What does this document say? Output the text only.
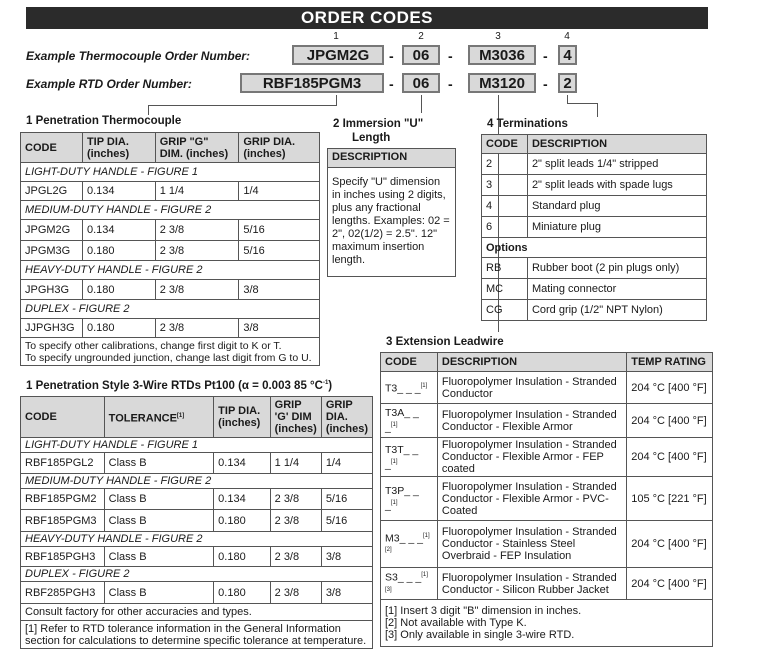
ORDER CODES
1	2	3	4
Example Thermocouple Order Number:	JPGM2G	-	06	-	M3036	-	4
Example RTD Order Number:	RBF185PGM3	-	06	-	M3120	-	2
1 Penetration Thermocouple
CODE	TIP DIA. (inches)	GRIP "G" DIM. (inches)	GRIP DIA. (inches)
LIGHT-DUTY HANDLE - FIGURE 1			
JPGL2G	0.134	1 1/4	1/4
MEDIUM-DUTY HANDLE - FIGURE 2			
JPGM2G	0.134	2 3/8	5/16
JPGM3G	0.180	2 3/8	5/16
HEAVY-DUTY HANDLE - FIGURE 2			
JPGH3G	0.180	2 3/8	3/8
DUPLEX - FIGURE 2			
JJPGH3G	0.180	2 3/8	3/8

To specify other calibrations, change first digit to K or T.
To specify ungrounded junction, change last digit from G to U.			
1 Penetration Style 3-Wire RTDs Pt100 (α = 0.003 85 $^\circ C^{-1}$)
CODE	TOLERANCE[1]	TIP DIA. (inches)	GRIP 'G' DIM (inches)	GRIP DIA. (inches)
LIGHT-DUTY HANDLE - FIGURE 1				
RBF185PGL2	Class B	0.134	1 1/4	1/4
MEDIUM-DUTY HANDLE - FIGURE 2				
RBF185PGM2	Class B	0.134	2 3/8	5/16
RBF185PGM3	Class B	0.180	2 3/8	5/16
HEAVY-DUTY HANDLE - FIGURE 2				
RBF185PGH3	Class B	0.180	2 3/8	3/8
DUPLEX - FIGURE 2				
RBF285PGH3	Class B	0.180	2 3/8	3/8
Consult factory for other accuracies and types.				
[1] Refer to RTD tolerance information in the General Information section for calculations to determine specific tolerance at temperature.				
2 Immersion "U"
Length
DESCRIPTION
Specify "U" dimension in inches using 2 digits, plus any fractional lengths. Examples: 02 = 2", 02(1/2) = 2.5". 12" maximum insertion length.
4 Terminations
CODE	DESCRIPTION
2	2" split leads 1/4" stripped
3	2" split leads with spade lugs
4	Standard plug
6	Miniature plug
Options	
RB	Rubber boot (2 pin plugs only)
MC	Mating connector
CG	Cord grip (1/2" NPT Nylon)
3 Extension Leadwire
CODE	DESCRIPTION	TEMP RATING
T3_ _ _[1]	Fluoropolymer Insulation - Stranded Conductor	204 °C [400 °F]
T3A_ _ _[1]	Fluoropolymer Insulation - Stranded Conductor - Flexible Armor	204 °C [400 °F]
T3T_ _ _[1]	Fluoropolymer Insulation - Stranded Conductor - Flexible Armor - FEP coated	204 °C [400 °F]
T3P_ _ _[1]	Fluoropolymer Insulation - Stranded Conductor - Flexible Armor - PVC-Coated	105 °C [221 °F]
M3_ _ _[1][2]	Fluoropolymer Insulation - Stranded Conductor - Stainless Steel Overbraid - FEP Insulation	204 °C [400 °F]
S3_ _ _[1][3]	Fluoropolymer Insulation - Stranded Conductor - Silicon Rubber Jacket	204 °C [400 °F]

[1] Insert 3 digit "B" dimension in inches.
[2] Not available with Type K.
[3] Only available in single 3-wire RTD.		
